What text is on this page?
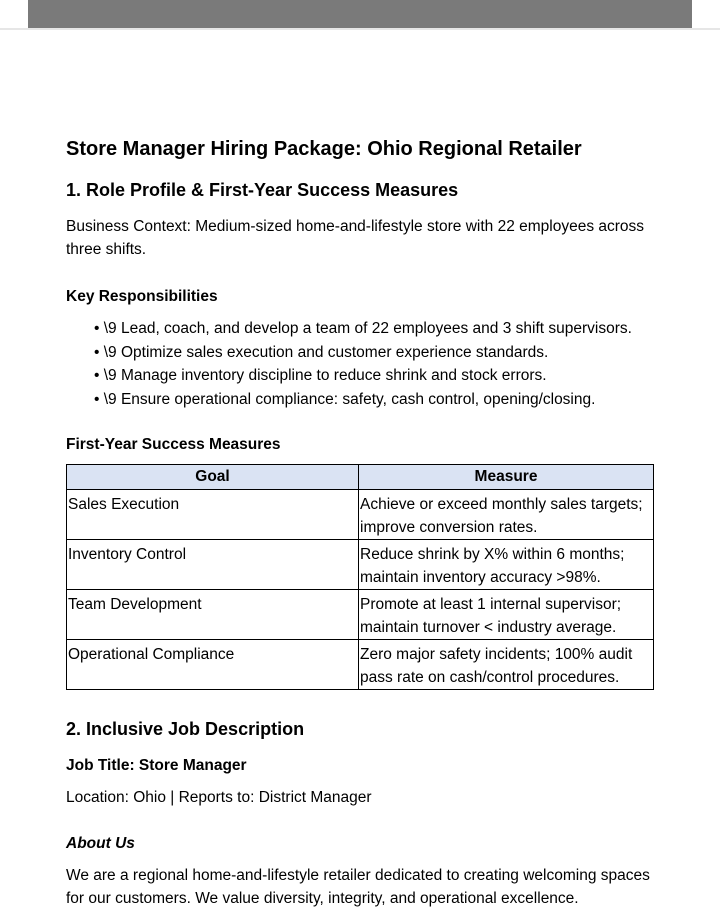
Store Manager Hiring Package: Ohio Regional Retailer
1. Role Profile & First-Year Success Measures
Business Context: Medium-sized home-and-lifestyle store with 22 employees across three shifts.
Key Responsibilities
• \9 Lead, coach, and develop a team of 22 employees and 3 shift supervisors.
• \9 Optimize sales execution and customer experience standards.
• \9 Manage inventory discipline to reduce shrink and stock errors.
• \9 Ensure operational compliance: safety, cash control, opening/closing.
First-Year Success Measures
Goal	Measure
Sales Execution	Achieve or exceed monthly sales targets; improve conversion rates.
Inventory Control	Reduce shrink by X% within 6 months; maintain inventory accuracy >98%.
Team Development	Promote at least 1 internal supervisor; maintain turnover < industry average.
Operational Compliance	Zero major safety incidents; 100% audit pass rate on cash/control procedures.
2. Inclusive Job Description
Job Title: Store Manager
Location: Ohio | Reports to: District Manager
About Us
We are a regional home-and-lifestyle retailer dedicated to creating welcoming spaces for our customers. We value diversity, integrity, and operational excellence.
